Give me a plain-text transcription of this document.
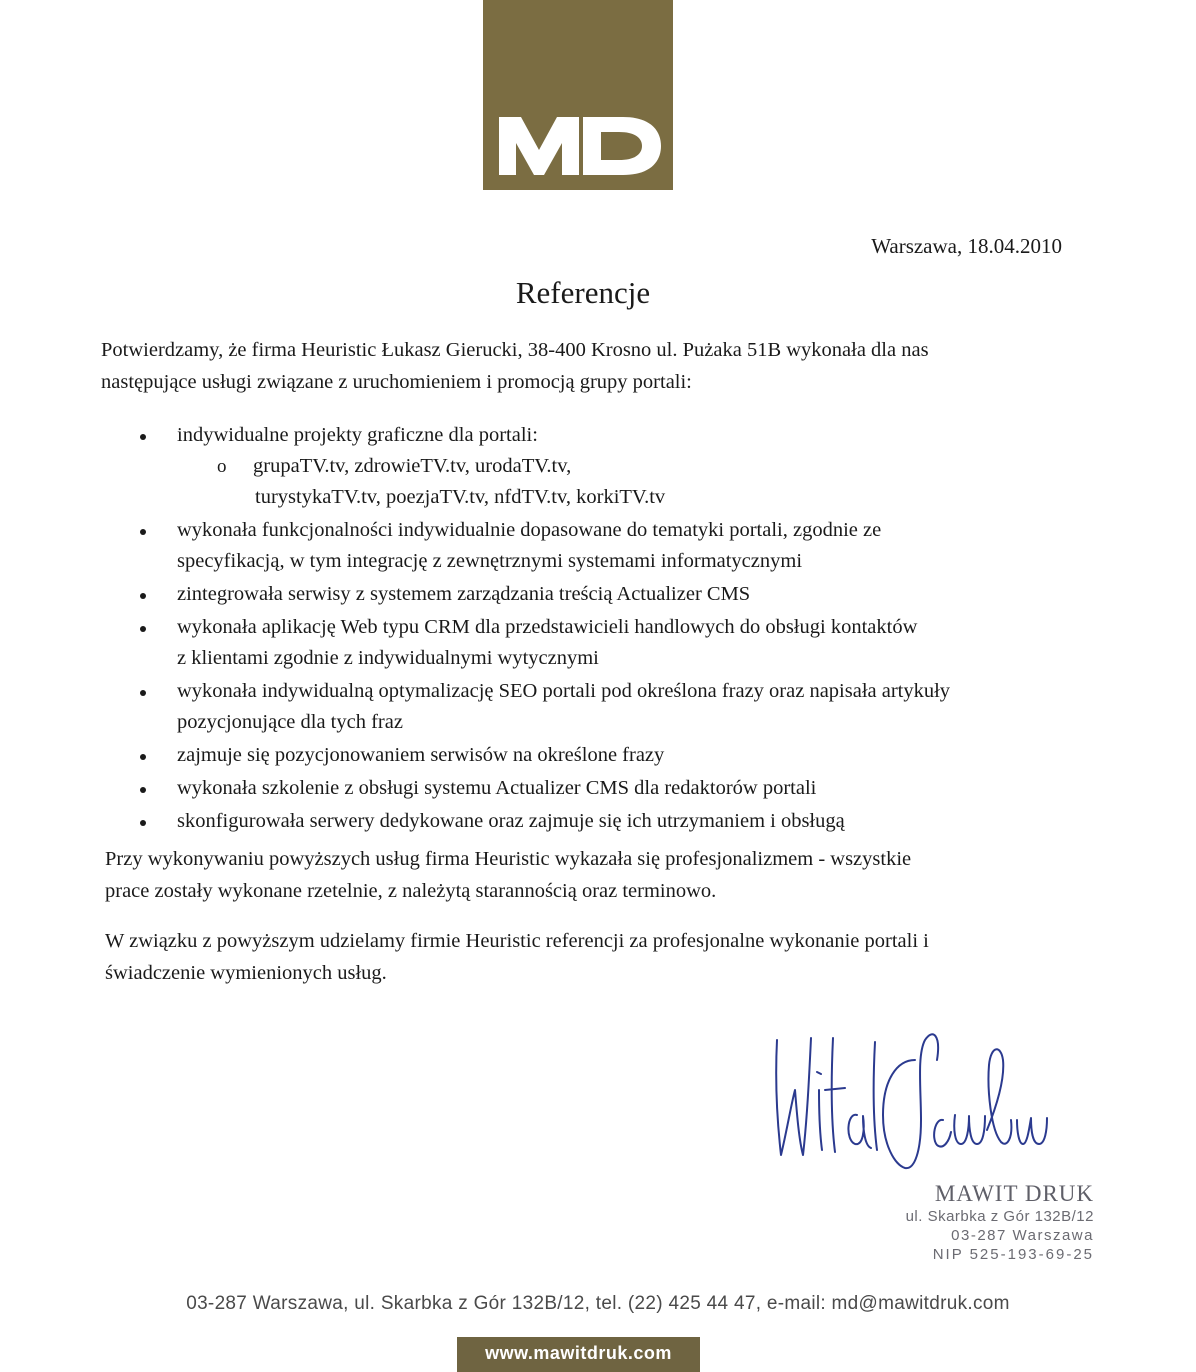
Warszawa, 18.04.2010
Referencje
Potwierdzamy, że firma Heuristic Łukasz Gierucki, 38-400 Krosno ul. Pużaka 51B wykonała dla nas
następujące usługi związane z uruchomieniem i promocją grupy portali:
indywidualne projekty graficzne dla portali:
o grupaTV.tv, zdrowieTV.tv, urodaTV.tv,
turystykaTV.tv, poezjaTV.tv, nfdTV.tv, korkiTV.tv
wykonała funkcjonalności indywidualnie dopasowane do tematyki portali, zgodnie ze
specyfikacją, w tym integrację z zewnętrznymi systemami informatycznymi
zintegrowała serwisy z systemem zarządzania treścią Actualizer CMS
wykonała aplikację Web typu CRM dla przedstawicieli handlowych do obsługi kontaktów
z klientami zgodnie z indywidualnymi wytycznymi
wykonała indywidualną optymalizację SEO portali pod określona frazy oraz napisała artykuły
pozycjonujące dla tych fraz
zajmuje się pozycjonowaniem serwisów na określone frazy
wykonała szkolenie z obsługi systemu Actualizer CMS dla redaktorów portali
skonfigurowała serwery dedykowane oraz zajmuje się ich utrzymaniem i obsługą
Przy wykonywaniu powyższych usług firma Heuristic wykazała się profesjonalizmem - wszystkie
prace zostały wykonane rzetelnie, z należytą starannością oraz terminowo.
W związku z powyższym udzielamy firmie Heuristic referencji za profesjonalne wykonanie portali i
świadczenie wymienionych usług.
MAWIT DRUK
ul. Skarbka z Gór 132B/12
03-287 Warszawa
NIP 525-193-69-25
03-287 Warszawa, ul. Skarbka z Gór 132B/12, tel. (22) 425 44 47, e-mail: md@mawitdruk.com
www.mawitdruk.com
